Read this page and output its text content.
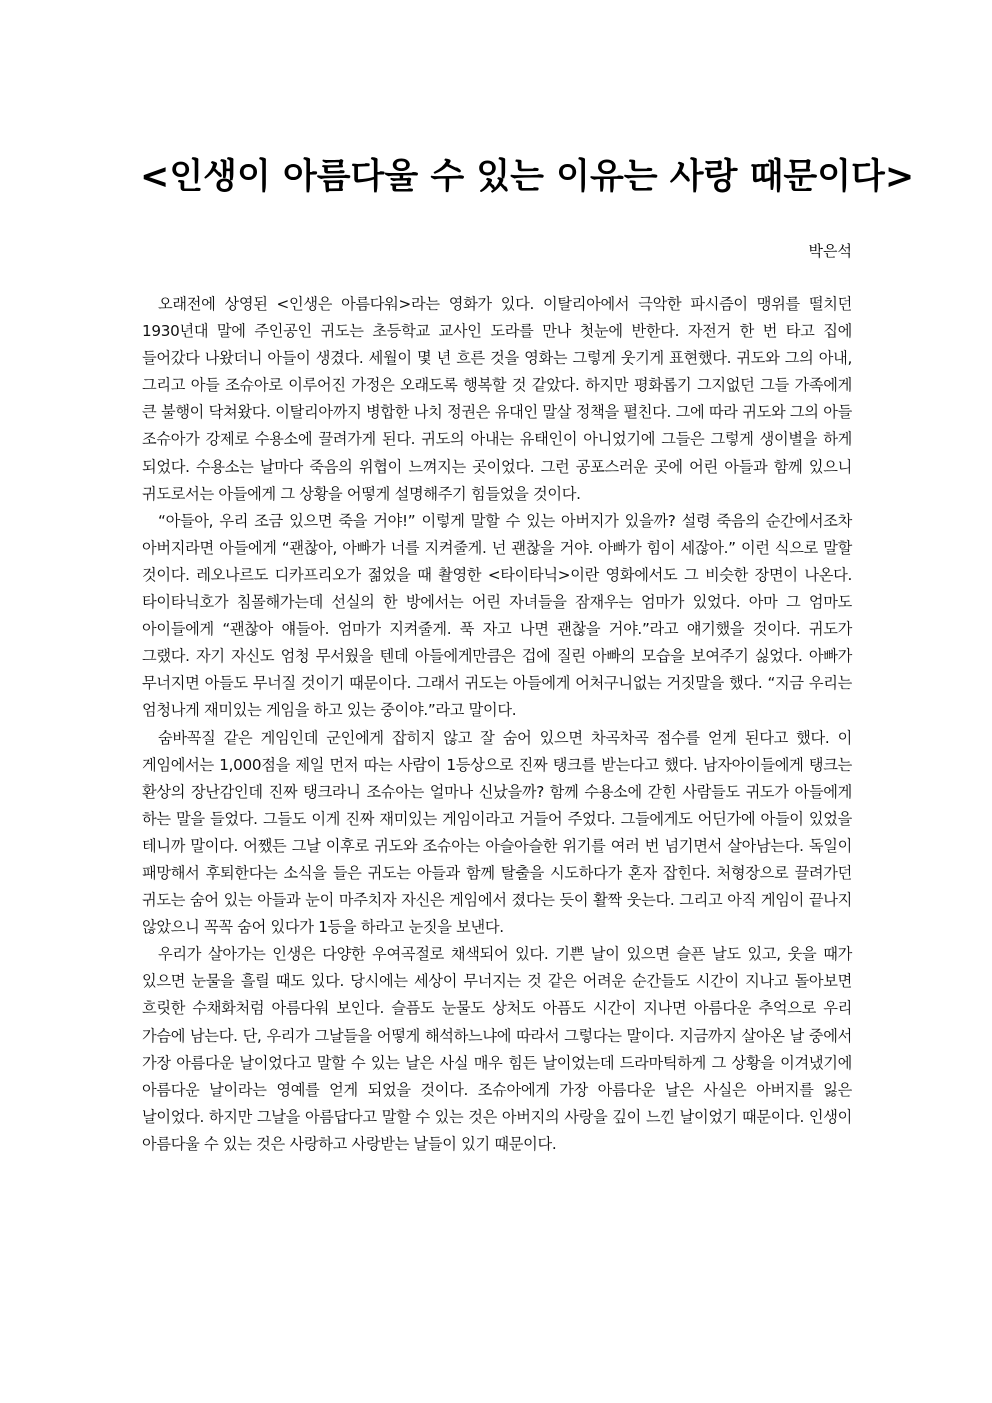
<인생이 아름다울 수 있는 이유는 사랑 때문이다>
박은석

오래전에 상영된 <인생은 아름다워>라는 영화가 있다. 이탈리아에서 극악한 파시즘이 맹위를 떨치던 1930년대 말에 주인공인 귀도는 초등학교 교사인 도라를 만나 첫눈에 반한다. 자전거 한 번 타고 집에 들어갔다 나왔더니 아들이 생겼다. 세월이 몇 년 흐른 것을 영화는 그렇게 웃기게 표현했다. 귀도와 그의 아내, 그리고 아들 조슈아로 이루어진 가정은 오래도록 행복할 것 같았다. 하지만 평화롭기 그지없던 그들 가족에게 큰 불행이 닥쳐왔다. 이탈리아까지 병합한 나치 정권은 유대인 말살 정책을 펼친다. 그에 따라 귀도와 그의 아들 조슈아가 강제로 수용소에 끌려가게 된다. 귀도의 아내는 유태인이 아니었기에 그들은 그렇게 생이별을 하게 되었다. 수용소는 날마다 죽음의 위협이 느껴지는 곳이었다. 그런 공포스러운 곳에 어린 아들과 함께 있으니 귀도로서는 아들에게 그 상황을 어떻게 설명해주기 힘들었을 것이다.

“아들아, 우리 조금 있으면 죽을 거야!” 이렇게 말할 수 있는 아버지가 있을까? 설령 죽음의 순간에서조차 아버지라면 아들에게 “괜찮아, 아빠가 너를 지켜줄게. 넌 괜찮을 거야. 아빠가 힘이 세잖아.” 이런 식으로 말할 것이다. 레오나르도 디카프리오가 젊었을 때 촬영한 <타이타닉>이란 영화에서도 그 비슷한 장면이 나온다. 타이타닉호가 침몰해가는데 선실의 한 방에서는 어린 자녀들을 잠재우는 엄마가 있었다. 아마 그 엄마도 아이들에게 “괜찮아 얘들아. 엄마가 지켜줄게. 푹 자고 나면 괜찮을 거야.”라고 얘기했을 것이다. 귀도가 그랬다. 자기 자신도 엄청 무서웠을 텐데 아들에게만큼은 겁에 질린 아빠의 모습을 보여주기 싫었다. 아빠가 무너지면 아들도 무너질 것이기 때문이다. 그래서 귀도는 아들에게 어처구니없는 거짓말을 했다. “지금 우리는 엄청나게 재미있는 게임을 하고 있는 중이야.”라고 말이다.

숨바꼭질 같은 게임인데 군인에게 잡히지 않고 잘 숨어 있으면 차곡차곡 점수를 얻게 된다고 했다. 이 게임에서는 1,000점을 제일 먼저 따는 사람이 1등상으로 진짜 탱크를 받는다고 했다. 남자아이들에게 탱크는 환상의 장난감인데 진짜 탱크라니 조슈아는 얼마나 신났을까? 함께 수용소에 갇힌 사람들도 귀도가 아들에게 하는 말을 들었다. 그들도 이게 진짜 재미있는 게임이라고 거들어 주었다. 그들에게도 어딘가에 아들이 있었을 테니까 말이다. 어쨌든 그날 이후로 귀도와 조슈아는 아슬아슬한 위기를 여러 번 넘기면서 살아남는다. 독일이 패망해서 후퇴한다는 소식을 들은 귀도는 아들과 함께 탈출을 시도하다가 혼자 잡힌다. 처형장으로 끌려가던 귀도는 숨어 있는 아들과 눈이 마주치자 자신은 게임에서 졌다는 듯이 활짝 웃는다. 그리고 아직 게임이 끝나지 않았으니 꼭꼭 숨어 있다가 1등을 하라고 눈짓을 보낸다.

우리가 살아가는 인생은 다양한 우여곡절로 채색되어 있다. 기쁜 날이 있으면 슬픈 날도 있고, 웃을 때가 있으면 눈물을 흘릴 때도 있다. 당시에는 세상이 무너지는 것 같은 어려운 순간들도 시간이 지나고 돌아보면 흐릿한 수채화처럼 아름다워 보인다. 슬픔도 눈물도 상처도 아픔도 시간이 지나면 아름다운 추억으로 우리 가슴에 남는다. 단, 우리가 그날들을 어떻게 해석하느냐에 따라서 그렇다는 말이다. 지금까지 살아온 날 중에서 가장 아름다운 날이었다고 말할 수 있는 날은 사실 매우 힘든 날이었는데 드라마틱하게 그 상황을 이겨냈기에 아름다운 날이라는 영예를 얻게 되었을 것이다. 조슈아에게 가장 아름다운 날은 사실은 아버지를 잃은 날이었다. 하지만 그날을 아름답다고 말할 수 있는 것은 아버지의 사랑을 깊이 느낀 날이었기 때문이다. 인생이 아름다울 수 있는 것은 사랑하고 사랑받는 날들이 있기 때문이다.
